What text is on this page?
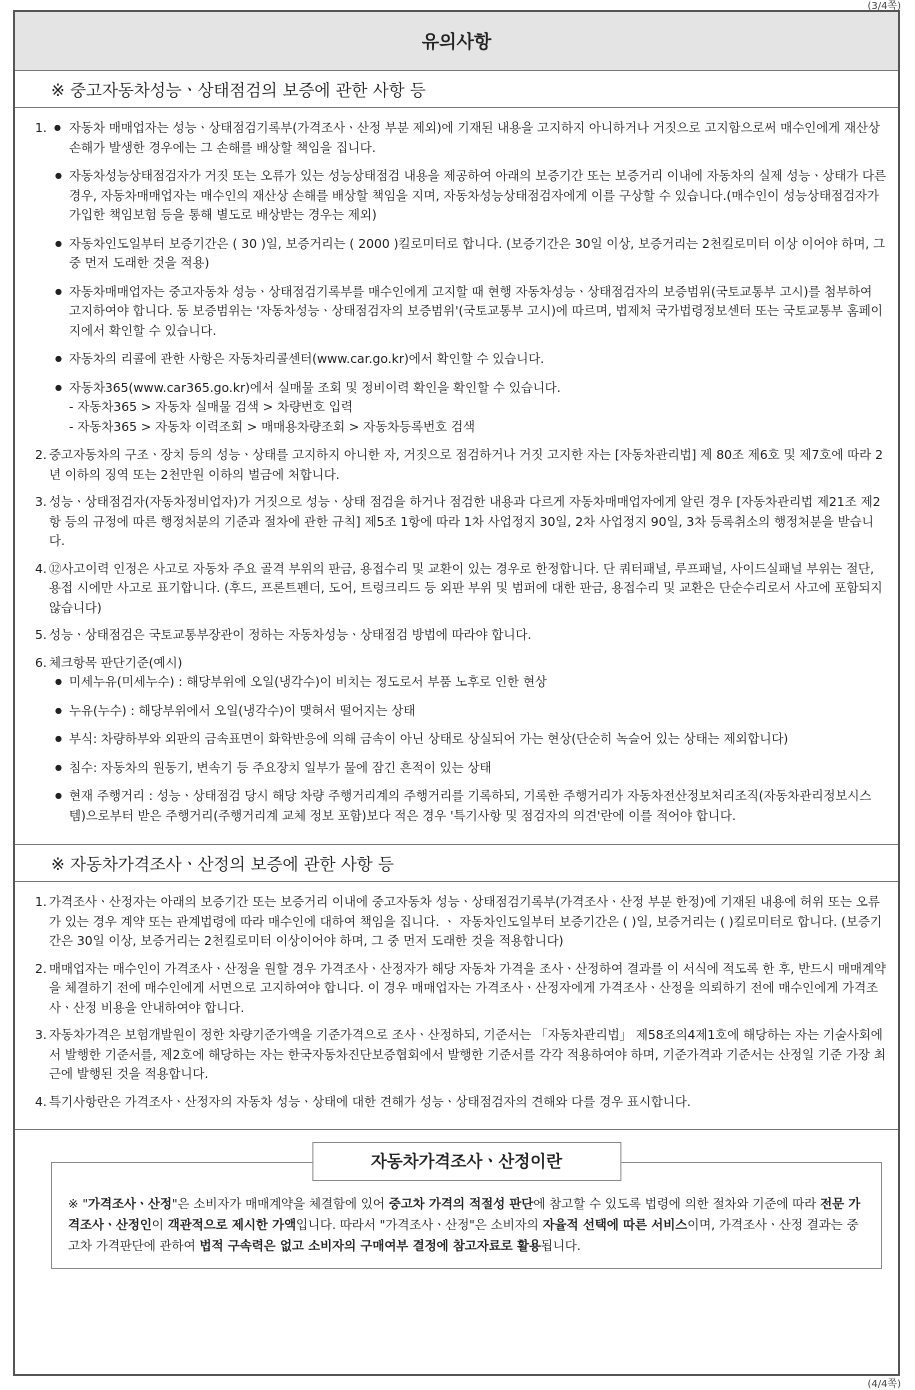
(3/4쪽)
유의사항
※ 중고자동차성능ㆍ상태점검의 보증에 관한 사항 등
1.
●	자동차 매매업자는 성능ㆍ상태점검기록부(가격조사ㆍ산정 부분 제외)에 기재된 내용을 고지하지 아니하거나 거짓으로 고지함으로써 매수인에게 재산상 손해가 발생한 경우에는 그 손해를 배상할 책임을 집니다.
● 자동차성능상태점검자가 거짓 또는 오류가 있는 성능상태점검 내용을 제공하여 아래의 보증기간 또는 보증거리 이내에 자동차의 실제 성능ㆍ상태가 다른 경우, 자동차매매업자는 매수인의 재산상 손해를 배상할 책임을 지며, 자동차성능상태점검자에게 이를 구상할 수 있습니다.(매수인이 성능상태점검자가 가입한 책임보험 등을 통해 별도로 배상받는 경우는 제외)
● 자동차인도일부터 보증기간은 ( 30 )일, 보증거리는 ( 2000 )킬로미터로 합니다. (보증기간은 30일 이상, 보증거리는 2천킬로미터 이상 이어야 하며, 그 중 먼저 도래한 것을 적용)
● 자동차매매업자는 중고자동차 성능ㆍ상태점검기록부를 매수인에게 고지할 때 현행 자동차성능ㆍ상태점검자의 보증범위(국토교통부 고시)를 첨부하여 고지하여야 합니다. 동 보증범위는 '자동차성능ㆍ상태점검자의 보증범위'(국토교통부 고시)에 따르며, 법제처 국가법령정보센터 또는 국토교통부 홈페이지에서 확인할 수 있습니다.
● 자동차의 리콜에 관한 사항은 자동차리콜센터(www.car.go.kr)에서 확인할 수 있습니다.
● 자동차365(www.car365.go.kr)에서 실매물 조회 및 정비이력 확인을 확인할 수 있습니다.
- 자동차365 > 자동차 실매물 검색 > 차량번호 입력
- 자동차365 > 자동차 이력조회 > 매매용차량조회 > 자동차등록번호 검색
2. 중고자동차의 구조ㆍ장치 등의 성능ㆍ상태를 고지하지 아니한 자, 거짓으로 점검하거나 거짓 고지한 자는 [자동차관리법] 제 80조 제6호 및 제7호에 따라 2년 이하의 징역 또는 2천만원 이하의 벌금에 처합니다.
3. 성능ㆍ상태점검자(자동차정비업자)가 거짓으로 성능ㆍ상태 점검을 하거나 점검한 내용과 다르게 자동차매매업자에게 알린 경우 [자동차관리법 제21조 제2항 등의 규정에 따른 행정처분의 기준과 절차에 관한 규칙] 제5조 1항에 따라 1차 사업정지 30일, 2차 사업정지 90일, 3차 등록취소의 행정처분을 받습니다.
4. ⑫사고이력 인정은 사고로 자동차 주요 골격 부위의 판금, 용접수리 및 교환이 있는 경우로 한정합니다. 단 쿼터패널, 루프패널, 사이드실패널 부위는 절단, 용접 시에만 사고로 표기합니다. (후드, 프론트펜더, 도어, 트렁크리드 등 외판 부위 및 범퍼에 대한 판금, 용접수리 및 교환은 단순수리로서 사고에 포함되지 않습니다)
5. 성능ㆍ상태점검은 국토교통부장관이 정하는 자동차성능ㆍ상태점검 방법에 따라야 합니다.
6. 체크항목 판단기준(예시)
● 미세누유(미세누수) : 해당부위에 오일(냉각수)이 비치는 정도로서 부품 노후로 인한 현상
● 누유(누수) : 해당부위에서 오일(냉각수)이 맺혀서 떨어지는 상태
● 부식: 차량하부와 외판의 금속표면이 화학반응에 의해 금속이 아닌 상태로 상실되어 가는 현상(단순히 녹슬어 있는 상태는 제외합니다)
● 침수: 자동차의 원동기, 변속기 등 주요장치 일부가 물에 잠긴 흔적이 있는 상태
● 현재 주행거리 : 성능ㆍ상태점검 당시 해당 차량 주행거리계의 주행거리를 기록하되, 기록한 주행거리가 자동차전산정보처리조직(자동차관리정보시스템)으로부터 받은 주행거리(주행거리계 교체 정보 포함)보다 적은 경우 '특기사항 및 점검자의 의견'란에 이를 적어야 합니다.
※ 자동차가격조사ㆍ산정의 보증에 관한 사항 등
1. 가격조사ㆍ산정자는 아래의 보증기간 또는 보증거리 이내에 중고자동차 성능ㆍ상태점검기록부(가격조사ㆍ산정 부분 한정)에 기재된 내용에 허위 또는 오류가 있는 경우 계약 또는 관계법령에 따라 매수인에 대하여 책임을 집니다. ㆍ 자동차인도일부터 보증기간은 ( )일, 보증거리는 ( )킬로미터로 합니다. (보증기간은 30일 이상, 보증거리는 2천킬로미터 이상이어야 하며, 그 중 먼저 도래한 것을 적용합니다)
2. 매매업자는 매수인이 가격조사ㆍ산정을 원할 경우 가격조사ㆍ산정자가 해당 자동차 가격을 조사ㆍ산정하여 결과를 이 서식에 적도록 한 후, 반드시 매매계약을 체결하기 전에 매수인에게 서면으로 고지하여야 합니다. 이 경우 매매업자는 가격조사ㆍ산정자에게 가격조사ㆍ산정을 의뢰하기 전에 매수인에게 가격조사ㆍ산정 비용을 안내하여야 합니다.
3. 자동차가격은 보험개발원이 정한 차량기준가액을 기준가격으로 조사ㆍ산정하되, 기준서는 「자동차관리법」 제58조의4제1호에 해당하는 자는 기술사회에서 발행한 기준서를, 제2호에 해당하는 자는 한국자동차진단보증협회에서 발행한 기준서를 각각 적용하여야 하며, 기준가격과 기준서는 산정일 기준 가장 최근에 발행된 것을 적용합니다.
4. 특기사항란은 가격조사ㆍ산정자의 자동차 성능ㆍ상태에 대한 견해가 성능ㆍ상태점검자의 견해와 다를 경우 표시합니다.
자동차가격조사ㆍ산정이란
※ "가격조사ㆍ산정"은 소비자가 매매계약을 체결함에 있어 중고차 가격의 적절성 판단에 참고할 수 있도록 법령에 의한 절차와 기준에 따라 전문 가격조사ㆍ산정인이 객관적으로 제시한 가액입니다. 따라서 "가격조사ㆍ산정"은 소비자의 자율적 선택에 따른 서비스이며, 가격조사ㆍ산정 결과는 중고차 가격판단에 관하여 법적 구속력은 없고 소비자의 구매여부 결정에 참고자료로 활용됩니다.
(4/4쪽)
